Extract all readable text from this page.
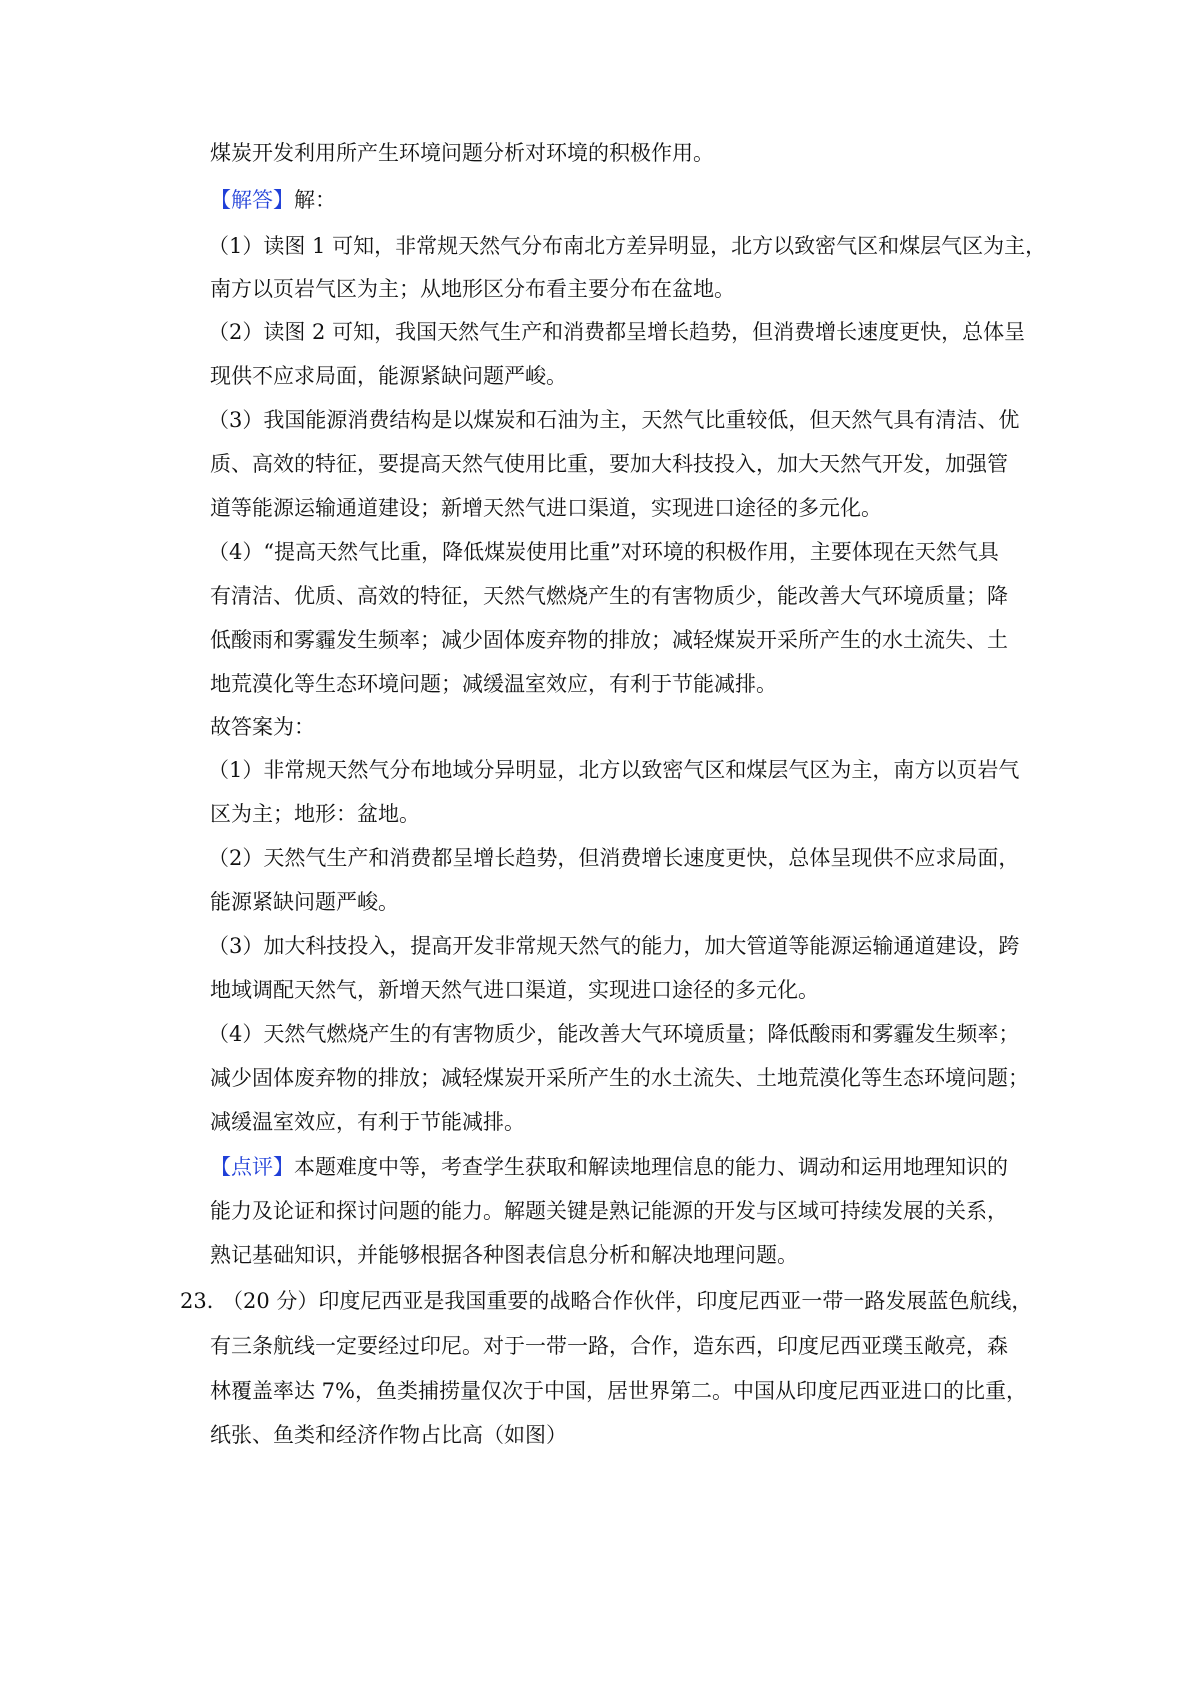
煤炭开发利用所产生环境问题分析对环境的积极作用。
【解答】解：
（1）读图 1 可知，非常规天然气分布南北方差异明显，北方以致密气区和煤层气区为主，
南方以页岩气区为主；从地形区分布看主要分布在盆地。
（2）读图 2 可知，我国天然气生产和消费都呈增长趋势，但消费增长速度更快，总体呈
现供不应求局面，能源紧缺问题严峻。
（3）我国能源消费结构是以煤炭和石油为主，天然气比重较低，但天然气具有清洁、优
质、高效的特征，要提高天然气使用比重，要加大科技投入，加大天然气开发，加强管
道等能源运输通道建设；新增天然气进口渠道，实现进口途径的多元化。
（4）“提高天然气比重，降低煤炭使用比重”对环境的积极作用，主要体现在天然气具
有清洁、优质、高效的特征，天然气燃烧产生的有害物质少，能改善大气环境质量；降
低酸雨和雾霾发生频率；减少固体废弃物的排放；减轻煤炭开采所产生的水土流失、土
地荒漠化等生态环境问题；减缓温室效应，有利于节能减排。
故答案为：
（1）非常规天然气分布地域分异明显，北方以致密气区和煤层气区为主，南方以页岩气
区为主；地形：盆地。
（2）天然气生产和消费都呈增长趋势，但消费增长速度更快，总体呈现供不应求局面，
能源紧缺问题严峻。
（3）加大科技投入，提高开发非常规天然气的能力，加大管道等能源运输通道建设，跨
地域调配天然气，新增天然气进口渠道，实现进口途径的多元化。
（4）天然气燃烧产生的有害物质少，能改善大气环境质量；降低酸雨和雾霾发生频率；
减少固体废弃物的排放；减轻煤炭开采所产生的水土流失、土地荒漠化等生态环境问题；
减缓温室效应，有利于节能减排。
【点评】本题难度中等，考查学生获取和解读地理信息的能力、调动和运用地理知识的
能力及论证和探讨问题的能力。解题关键是熟记能源的开发与区域可持续发展的关系，
熟记基础知识，并能够根据各种图表信息分析和解决地理问题。
23．
（20 分）印度尼西亚是我国重要的战略合作伙伴，印度尼西亚一带一路发展蓝色航线，
有三条航线一定要经过印尼。对于一带一路，合作，造东西，印度尼西亚璞玉敞亮，森
林覆盖率达 7%，鱼类捕捞量仅次于中国，居世界第二。中国从印度尼西亚进口的比重，
纸张、鱼类和经济作物占比高（如图）
